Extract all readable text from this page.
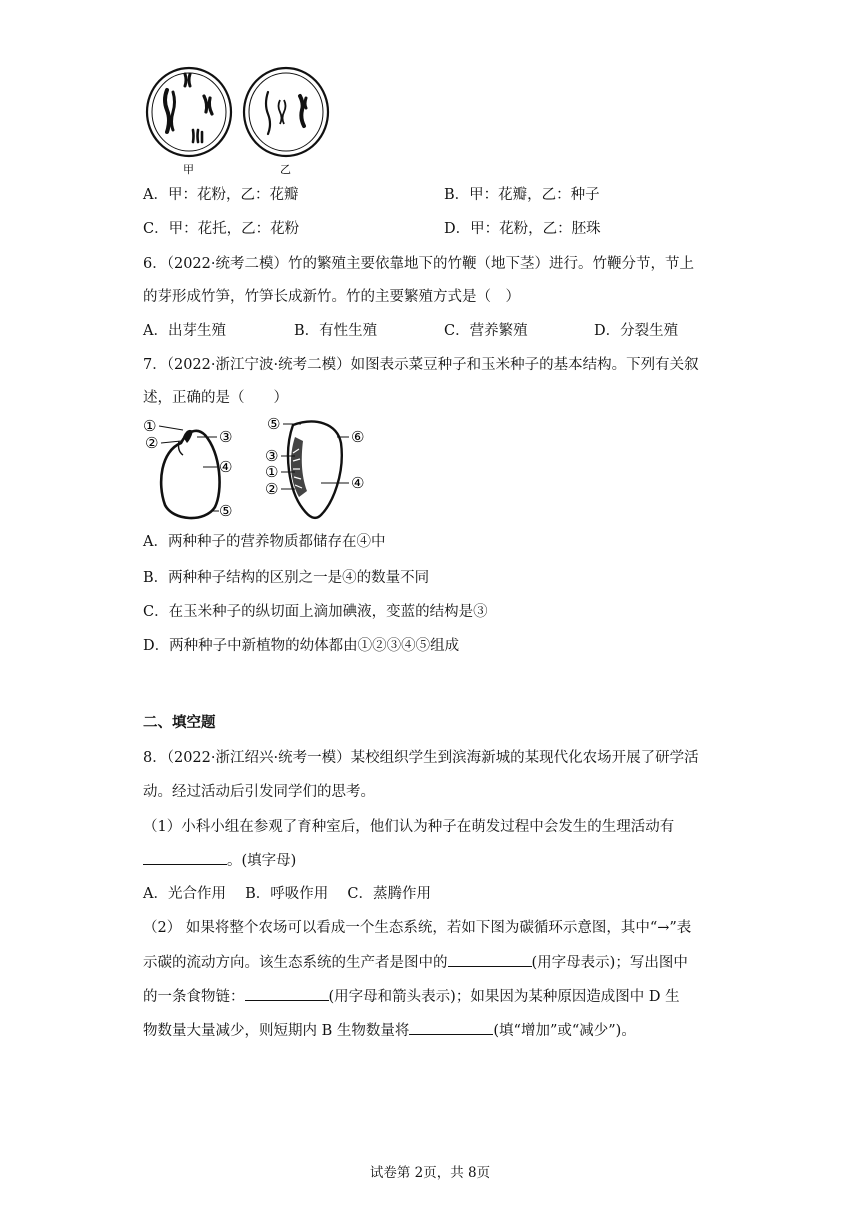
甲	乙
A．甲：花粉，乙：花瓣	B．甲：花瓣，乙：种子
C．甲：花托，乙：花粉	D．甲：花粉，乙：胚珠
6．（2022·统考二模）竹的繁殖主要依靠地下的竹鞭（地下茎）进行。竹鞭分节，节上
的芽形成竹笋，竹笋长成新竹。竹的主要繁殖方式是（　）
A．出芽生殖	B．有性生殖	C．营养繁殖	D．分裂生殖
7．（2022·浙江宁波·统考二模）如图表示菜豆种子和玉米种子的基本结构。下列有关叙
述，正确的是（　　）
①
②	③
④
⑤
⑤
⑥
③
①
②	④
A．两种种子的营养物质都储存在④中
B．两种种子结构的区别之一是④的数量不同
C．在玉米种子的纵切面上滴加碘液，变蓝的结构是③
D．两种种子中新植物的幼体都由①②③④⑤组成
二、填空题
8．（2022·浙江绍兴·统考一模）某校组织学生到滨海新城的某现代化农场开展了研学活
动。经过活动后引发同学们的思考。
（1）小科小组在参观了育种室后，他们认为种子在萌发过程中会发生的生理活动有
。(填字母)
A．光合作用　 B．呼吸作用　 C．蒸腾作用
（2） 如果将整个农场可以看成一个生态系统，若如下图为碳循环示意图，其中“→”表
示碳的流动方向。该生态系统的生产者是图中的	(用字母表示)；写出图中
的一条食物链：	(用字母和箭头表示)；如果因为某种原因造成图中 D 生
物数量大量减少，则短期内 B 生物数量将	(填“增加”或“减少”)。
试卷第 2页，共 8页
